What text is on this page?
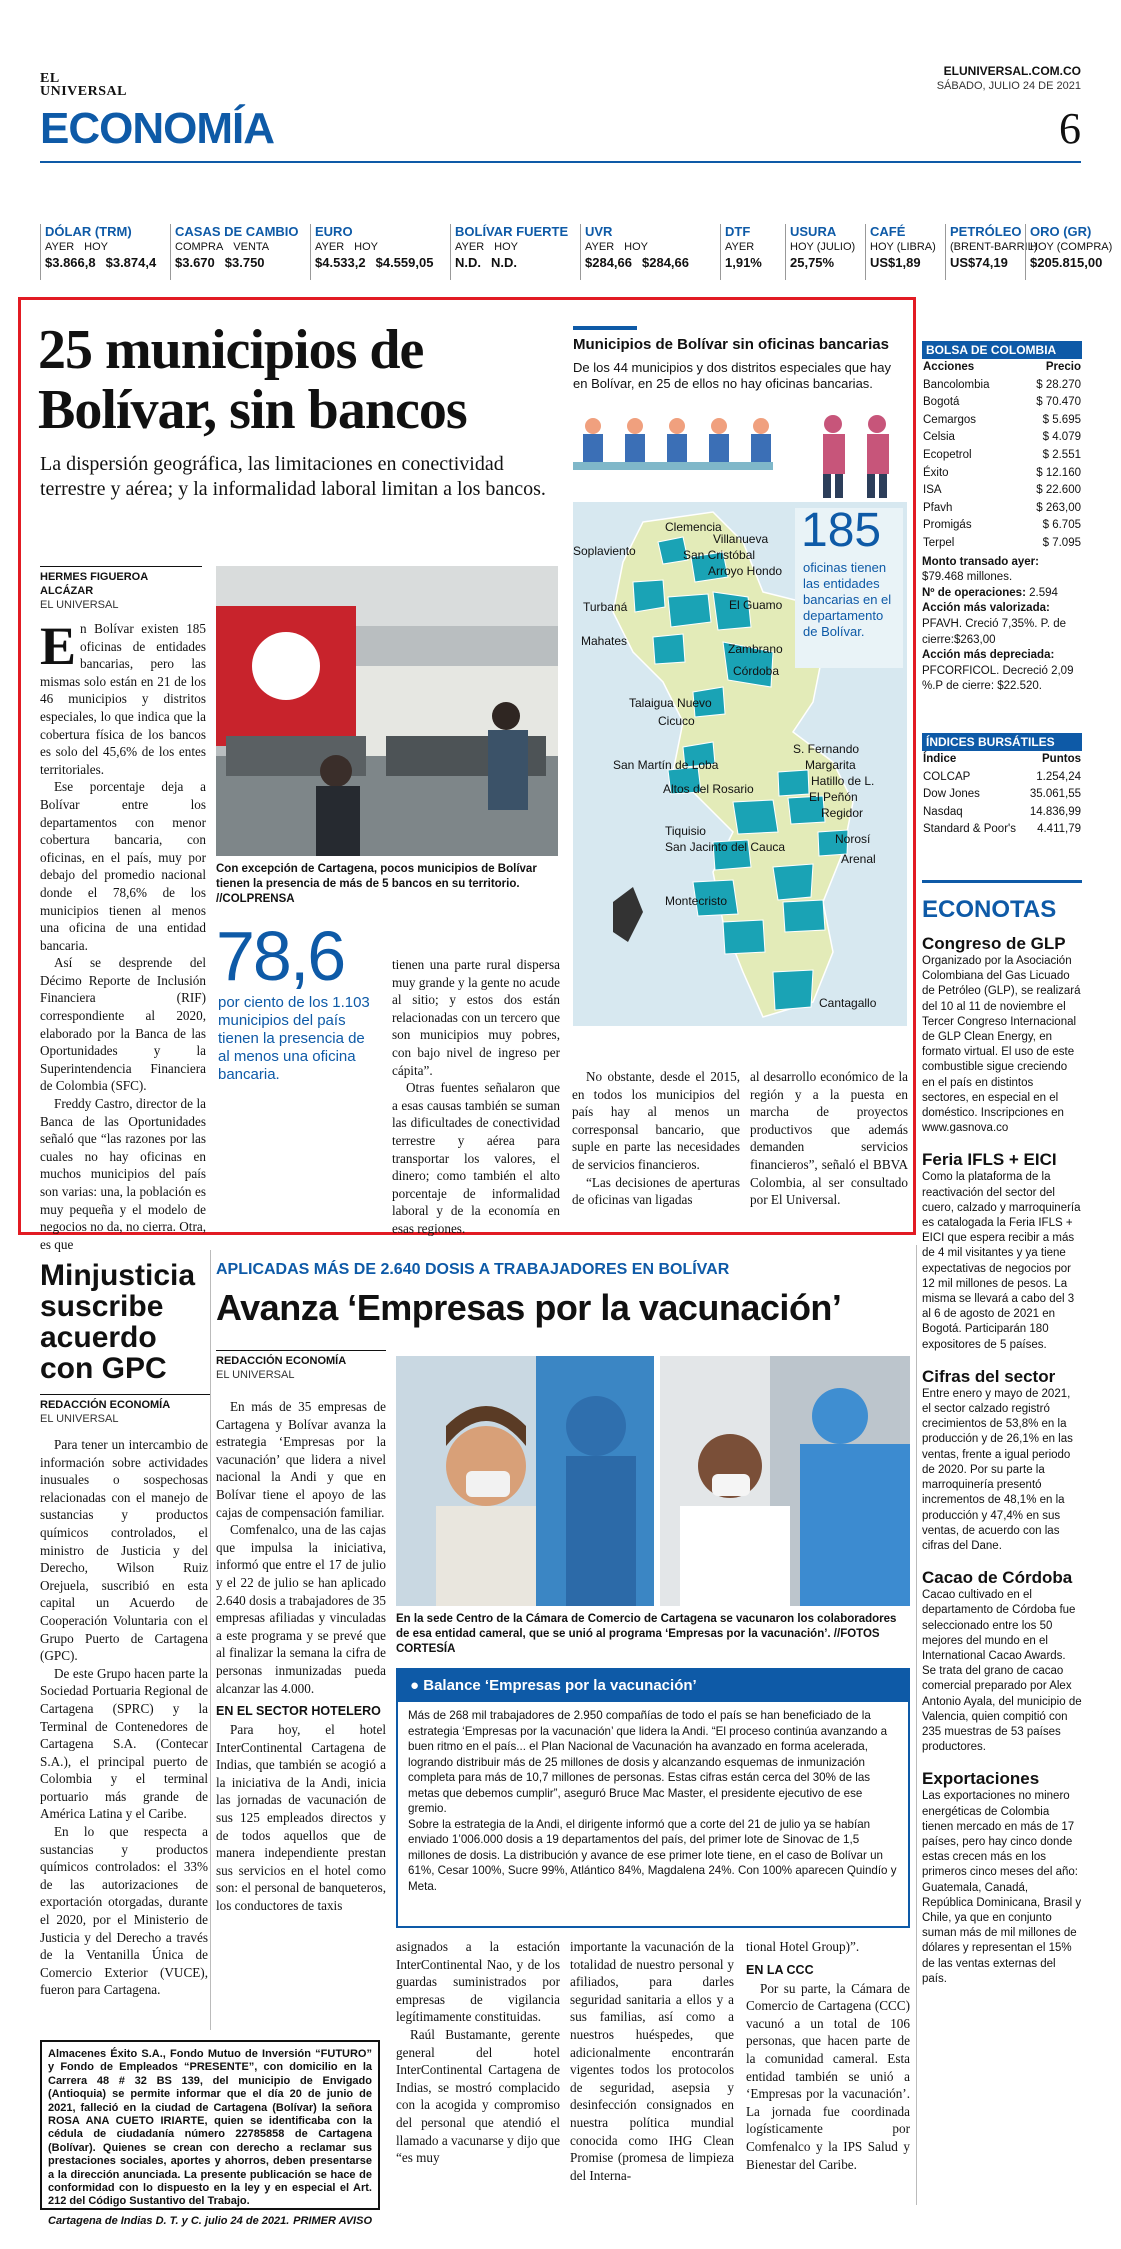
EL
UNIVERSAL
ELUNIVERSAL.COM.CO
SÁBADO, JULIO 24 DE 2021
ECONOMÍA	6
DÓLAR (TRM)
AYER HOY
$3.866,8 $3.874,4
CASAS DE CAMBIO
COMPRA VENTA
$3.670 $3.750
EURO
AYER HOY
$4.533,2 $4.559,05
BOLÍVAR FUERTE
AYER HOY
N.D. N.D.
UVR
AYER HOY
$284,66 $284,66
DTF
AYER
1,91%
USURA
HOY (JULIO)
25,75%
CAFÉ
HOY (LIBRA)
US$1,89
PETRÓLEO
(BRENT-BARRIL)
US$74,19
ORO (GR)
HOY (COMPRA)
$205.815,00
25 municipios de Bolívar, sin bancos
La dispersión geográfica, las limitaciones en conectividad terrestre y aérea; y la informalidad laboral limitan a los bancos.
HERMES FIGUEROA ALCÁZAR
EL UNIVERSAL
E n Bolívar existen 185 oficinas de entidades bancarias, pero las mismas solo están en 21 de los 46 municipios y distritos especiales, lo que indica que la cobertura física de los bancos es solo del 45,6% de los entes territoriales.

Ese porcentaje deja a Bolívar entre los departamentos con menor cobertura bancaria, con oficinas, en el país, muy por debajo del promedio nacional donde el 78,6% de los municipios tienen al menos una oficina de una entidad bancaria.

Así se desprende del Décimo Reporte de Inclusión Financiera (RIF) correspondiente al 2020, elaborado por la Banca de las Oportunidades y la Superintendencia Financiera de Colombia (SFC).

Freddy Castro, director de la Banca de las Oportunidades señaló que “las razones por las cuales no hay oficinas en muchos municipios del país son varias: una, la población es muy pequeña y el modelo de negocios no da, no cierra. Otra, es que

Con excepción de Cartagena, pocos municipios de Bolívar tienen la presencia de más de 5 bancos en su territorio. //COLPRENSA
78,6
por ciento de los 1.103 municipios del país tienen la presencia de al menos una oficina bancaria.

tienen una parte rural dispersa muy grande y la gente no acude al sitio; y estos dos están relacionadas con un tercero que son municipios muy pobres, con bajo nivel de ingreso per cápita”.

Otras fuentes señalaron que a esas causas también se suman las dificultades de conectividad terrestre y aérea para transportar los valores, el dinero; como también el alto porcentaje de informalidad laboral y de la economía en esas regiones.

No obstante, desde el 2015, en todos los municipios del país hay al menos un corresponsal bancario, que suple en parte las necesidades de servicios financieros.

“Las decisiones de aperturas de oficinas van ligadas

al desarrollo económico de la región y a la puesta en marcha de proyectos productivos que además demanden servicios financieros”, señaló el BBVA Colombia, al ser consultado por El Universal.

Municipios de Bolívar sin oficinas bancarias
De los 44 municipios y dos distritos especiales que hay en Bolívar, en 25 de ellos no hay oficinas bancarias.
185
oficinas tienen las entidades bancarias en el departamento de Bolívar.
Clemencia
Villanueva
Soplaviento	San Cristóbal
Arroyo Hondo
Turbaná	El Guamo
Mahates
Zambrano
Córdoba
Talaigua Nuevo
Cicuco
S. Fernando
Margarita
San Martín de Loba
Hatillo de L.
El Peñón
Altos del Rosario
Regidor
Tiquisio
Norosí
San Jacinto del Cauca
Arenal
Montecristo
Cantagallo
BOLSA DE COLOMBIA
Acciones	Precio
Bancolombia	$ 28.270
Bogotá	$ 70.470
Cemargos	$ 5.695
Celsia	$ 4.079
Ecopetrol	$ 2.551
Éxito	$ 12.160
ISA	$ 22.600
Pfavh	$ 263,00
Promigás	$ 6.705
Terpel	$ 7.095
Monto transado ayer: $79.468 millones.
Nº de operaciones: 2.594
Acción más valorizada: PFAVH. Creció 7,35%. P. de cierre:$263,00
Acción más depreciada: PFCORFICOL. Decreció 2,09 %.P de cierre: $22.520.
ÍNDICES BURSÁTILES
Índice	Puntos
COLCAP	1.254,24
Dow Jones	35.061,55
Nasdaq	14.836,99
Standard & Poor's	4.411,79
ECONOTAS
Congreso de GLP
Organizado por la Asociación Colombiana del Gas Licuado de Petróleo (GLP), se realizará del 10 al 11 de noviembre el Tercer Congreso Internacional de GLP Clean Energy, en formato virtual. El uso de este combustible sigue creciendo en el país en distintos sectores, en especial en el doméstico. Inscripciones en www.gasnova.co
Feria IFLS + EICI
Como la plataforma de la reactivación del sector del cuero, calzado y marroquinería es catalogada la Feria IFLS + EICI que espera recibir a más de 4 mil visitantes y ya tiene expectativas de negocios por 12 mil millones de pesos. La misma se llevará a cabo del 3 al 6 de agosto de 2021 en Bogotá. Participarán 180 expositores de 5 países.
Cifras del sector
Entre enero y mayo de 2021, el sector calzado registró crecimientos de 53,8% en la producción y de 26,1% en las ventas, frente a igual periodo de 2020. Por su parte la marroquinería presentó incrementos de 48,1% en la producción y 47,4% en sus ventas, de acuerdo con las cifras del Dane.
Cacao de Córdoba
Cacao cultivado en el departamento de Córdoba fue seleccionado entre los 50 mejores del mundo en el International Cacao Awards. Se trata del grano de cacao comercial preparado por Alex Antonio Ayala, del municipio de Valencia, quien compitió con 235 muestras de 53 países productores.
Exportaciones
Las exportaciones no minero energéticas de Colombia tienen mercado en más de 17 países, pero hay cinco donde estas crecen más en los primeros cinco meses del año: Guatemala, Canadá, República Dominicana, Brasil y Chile, ya que en conjunto suman más de mil millones de dólares y representan el 15% de las ventas externas del país.
Minjusticia suscribe acuerdo con GPC
REDACCIÓN ECONOMÍA
EL UNIVERSAL

Para tener un intercambio de información sobre actividades inusuales o sospechosas relacionadas con el manejo de sustancias y productos químicos controlados, el ministro de Justicia y del Derecho, Wilson Ruiz Orejuela, suscribió en esta capital un Acuerdo de Cooperación Voluntaria con el Grupo Puerto de Cartagena (GPC).

De este Grupo hacen parte la Sociedad Portuaria Regional de Cartagena (SPRC) y la Terminal de Contenedores de Cartagena S.A. (Contecar S.A.), el principal puerto de Colombia y el terminal portuario más grande de América Latina y el Caribe.

En lo que respecta a sustancias y productos químicos controlados: el 33% de las autorizaciones de exportación otorgadas, durante el 2020, por el Ministerio de Justicia y del Derecho a través de la Ventanilla Única de Comercio Exterior (VUCE), fueron para Cartagena.

Almacenes Éxito S.A., Fondo Mutuo de Inversión “FUTURO” y Fondo de Empleados “PRESENTE”, con domicilio en la Carrera 48 # 32 BS 139, del municipio de Envigado (Antioquia) se permite informar que el día 20 de junio de 2021, falleció en la ciudad de Cartagena (Bolívar) la señora ROSA ANA CUETO IRIARTE, quien se identificaba con la cédula de ciudadanía número 22785858 de Cartagena (Bolívar). Quienes se crean con derecho a reclamar sus prestaciones sociales, aportes y ahorros, deben presentarse a la dirección anunciada. La presente publicación se hace de conformidad con lo dispuesto en la ley y en especial el Art. 212 del Código Sustantivo del Trabajo.
Cartagena de Indias D. T. y C. julio 24 de 2021. PRIMER AVISO
APLICADAS MÁS DE 2.640 DOSIS A TRABAJADORES EN BOLÍVAR
Avanza ‘Empresas por la vacunación’
REDACCIÓN ECONOMÍA
EL UNIVERSAL

En más de 35 empresas de Cartagena y Bolívar avanza la estrategia ‘Empresas por la vacunación’ que lidera a nivel nacional la Andi y que en Bolívar tiene el apoyo de las cajas de compensación familiar.

Comfenalco, una de las cajas que impulsa la iniciativa, informó que entre el 17 de julio y el 22 de julio se han aplicado 2.640 dosis a trabajadores de 35 empresas afiliadas y vinculadas a este programa y se prevé que al finalizar la semana la cifra de personas inmunizadas pueda alcanzar las 4.000.

EN EL SECTOR HOTELERO

Para hoy, el hotel InterContinental Cartagena de Indias, que también se acogió a la iniciativa de la Andi, inicia las jornadas de vacunación de sus 125 empleados directos y de todos aquellos que de manera independiente prestan sus servicios en el hotel como son: el personal de banqueteros, los conductores de taxis

En la sede Centro de la Cámara de Comercio de Cartagena se vacunaron los colaboradores de esa entidad cameral, que se unió al programa ‘Empresas por la vacunación’. //FOTOS CORTESÍA
● Balance ‘Empresas por la vacunación’
Más de 268 mil trabajadores de 2.950 compañías de todo el país se han beneficiado de la estrategia ‘Empresas por la vacunación’ que lidera la Andi. “El proceso continúa avanzando a buen ritmo en el país... el Plan Nacional de Vacunación ha avanzado en forma acelerada, logrando distribuir más de 25 millones de dosis y alcanzando esquemas de inmunización completa para más de 10,7 millones de personas. Estas cifras están cerca del 30% de las metas que debemos cumplir”, aseguró Bruce Mac Master, el presidente ejecutivo de ese gremio.
Sobre la estrategia de la Andi, el dirigente informó que a corte del 21 de julio ya se habían enviado 1’006.000 dosis a 19 departamentos del país, del primer lote de Sinovac de 1,5 millones de dosis. La distribución y avance de ese primer lote tiene, en el caso de Bolívar un 61%, Cesar 100%, Sucre 99%, Atlántico 84%, Magdalena 24%. Con 100% aparecen Quindío y Meta.

asignados a la estación InterContinental Nao, y de los guardas suministrados por empresas de vigilancia legítimamente constituidas.

Raúl Bustamante, gerente general del hotel InterContinental Cartagena de Indias, se mostró complacido con la acogida y compromiso del personal que atendió el llamado a vacunarse y dijo que “es muy

importante la vacunación de la totalidad de nuestro personal y afiliados, para darles seguridad sanitaria a ellos y a sus familias, así como a nuestros huéspedes, que adicionalmente encontrarán vigentes todos los protocolos de seguridad, asepsia y desinfección consignados en nuestra política mundial conocida como IHG Clean Promise (promesa de limpieza del Interna-

tional Hotel Group)”.

EN LA CCC

Por su parte, la Cámara de Comercio de Cartagena (CCC) vacunó a un total de 106 personas, que hacen parte de la comunidad cameral. Esta entidad también se unió a ‘Empresas por la vacunación’. La jornada fue coordinada logísticamente por Comfenalco y la IPS Salud y Bienestar del Caribe.
